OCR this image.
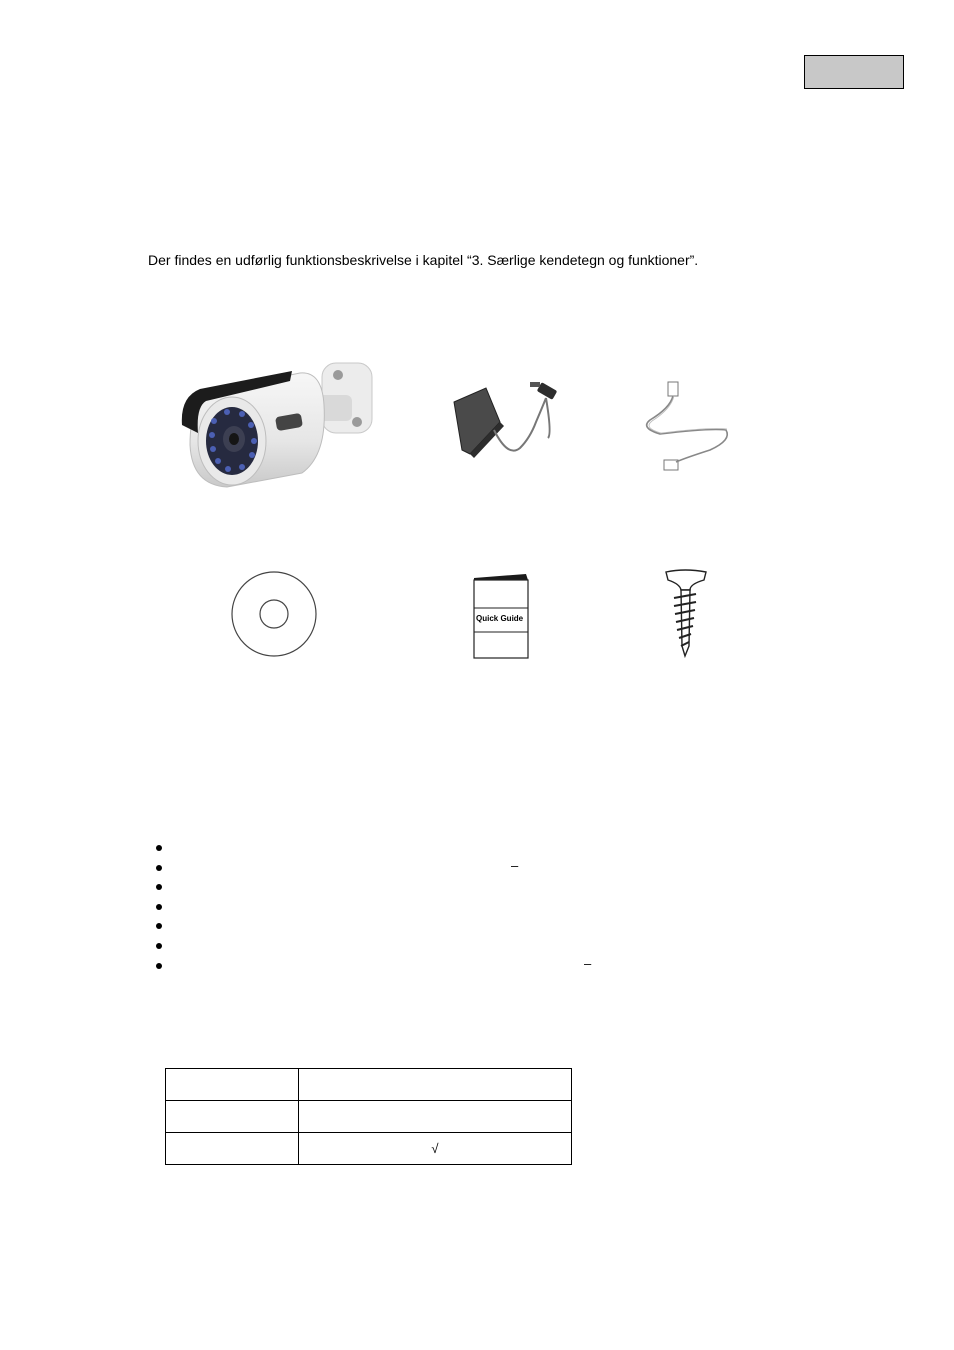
Der findes en udførlig funktionsbeskrivelse i kapitel “3. Særlige kendetegn og funktioner”.
Quick Guide
–
–

	√
